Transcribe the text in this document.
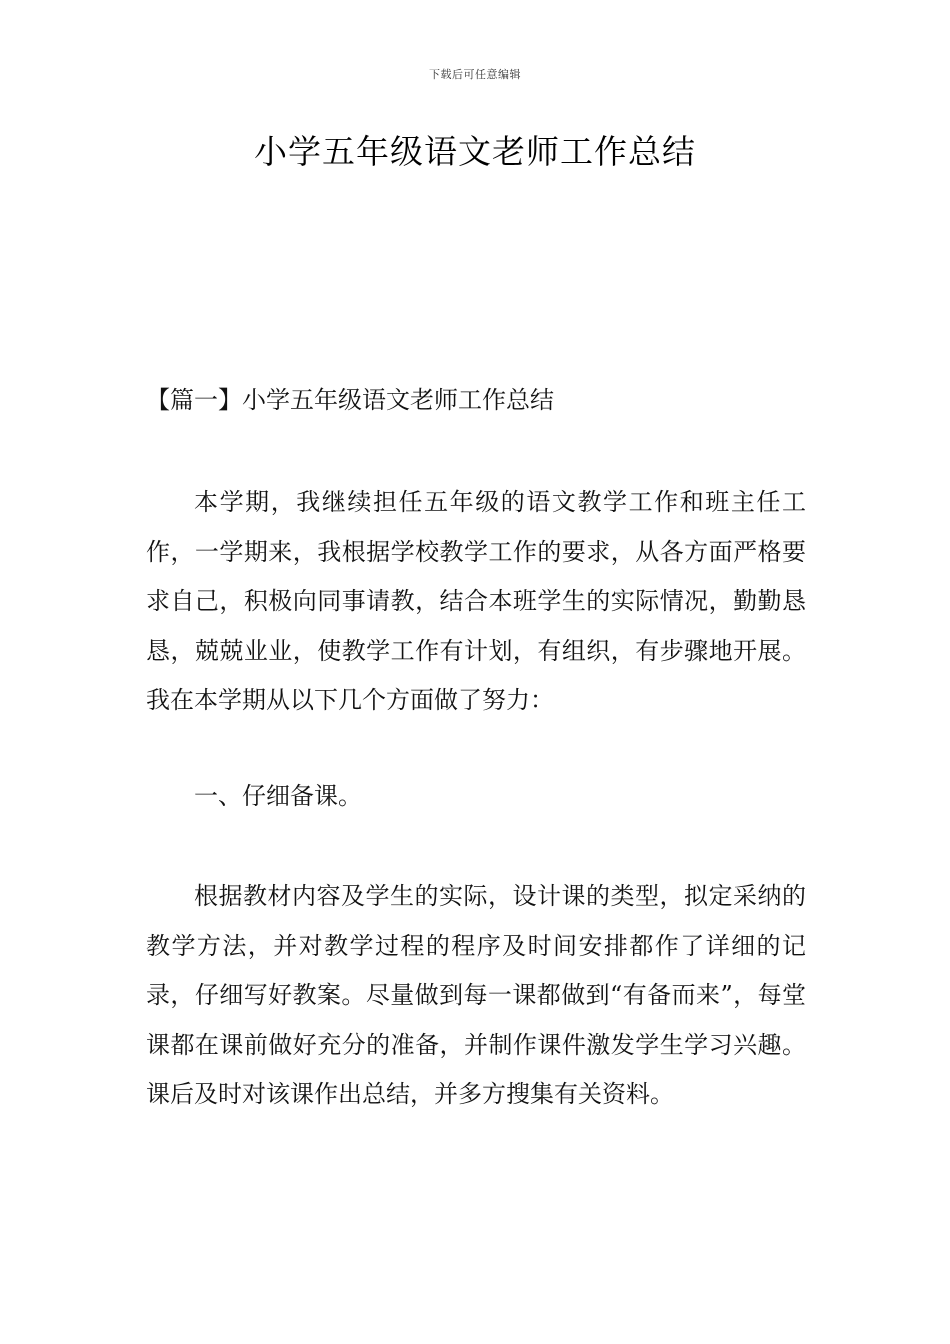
下载后可任意编辑
小学五年级语文老师工作总结
【篇一】小学五年级语文老师工作总结

本学期，我继续担任五年级的语文教学工作和班主任工作，一学期来，我根据学校教学工作的要求，从各方面严格要求自己，积极向同事请教，结合本班学生的实际情况，勤勤恳恳，兢兢业业，使教学工作有计划，有组织，有步骤地开展。我在本学期从以下几个方面做了努力：

一、仔细备课。

根据教材内容及学生的实际，设计课的类型，拟定采纳的教学方法，并对教学过程的程序及时间安排都作了详细的记录，仔细写好教案。尽量做到每一课都做到“有备而来”，每堂课都在课前做好充分的准备，并制作课件激发学生学习兴趣。课后及时对该课作出总结，并多方搜集有关资料。
